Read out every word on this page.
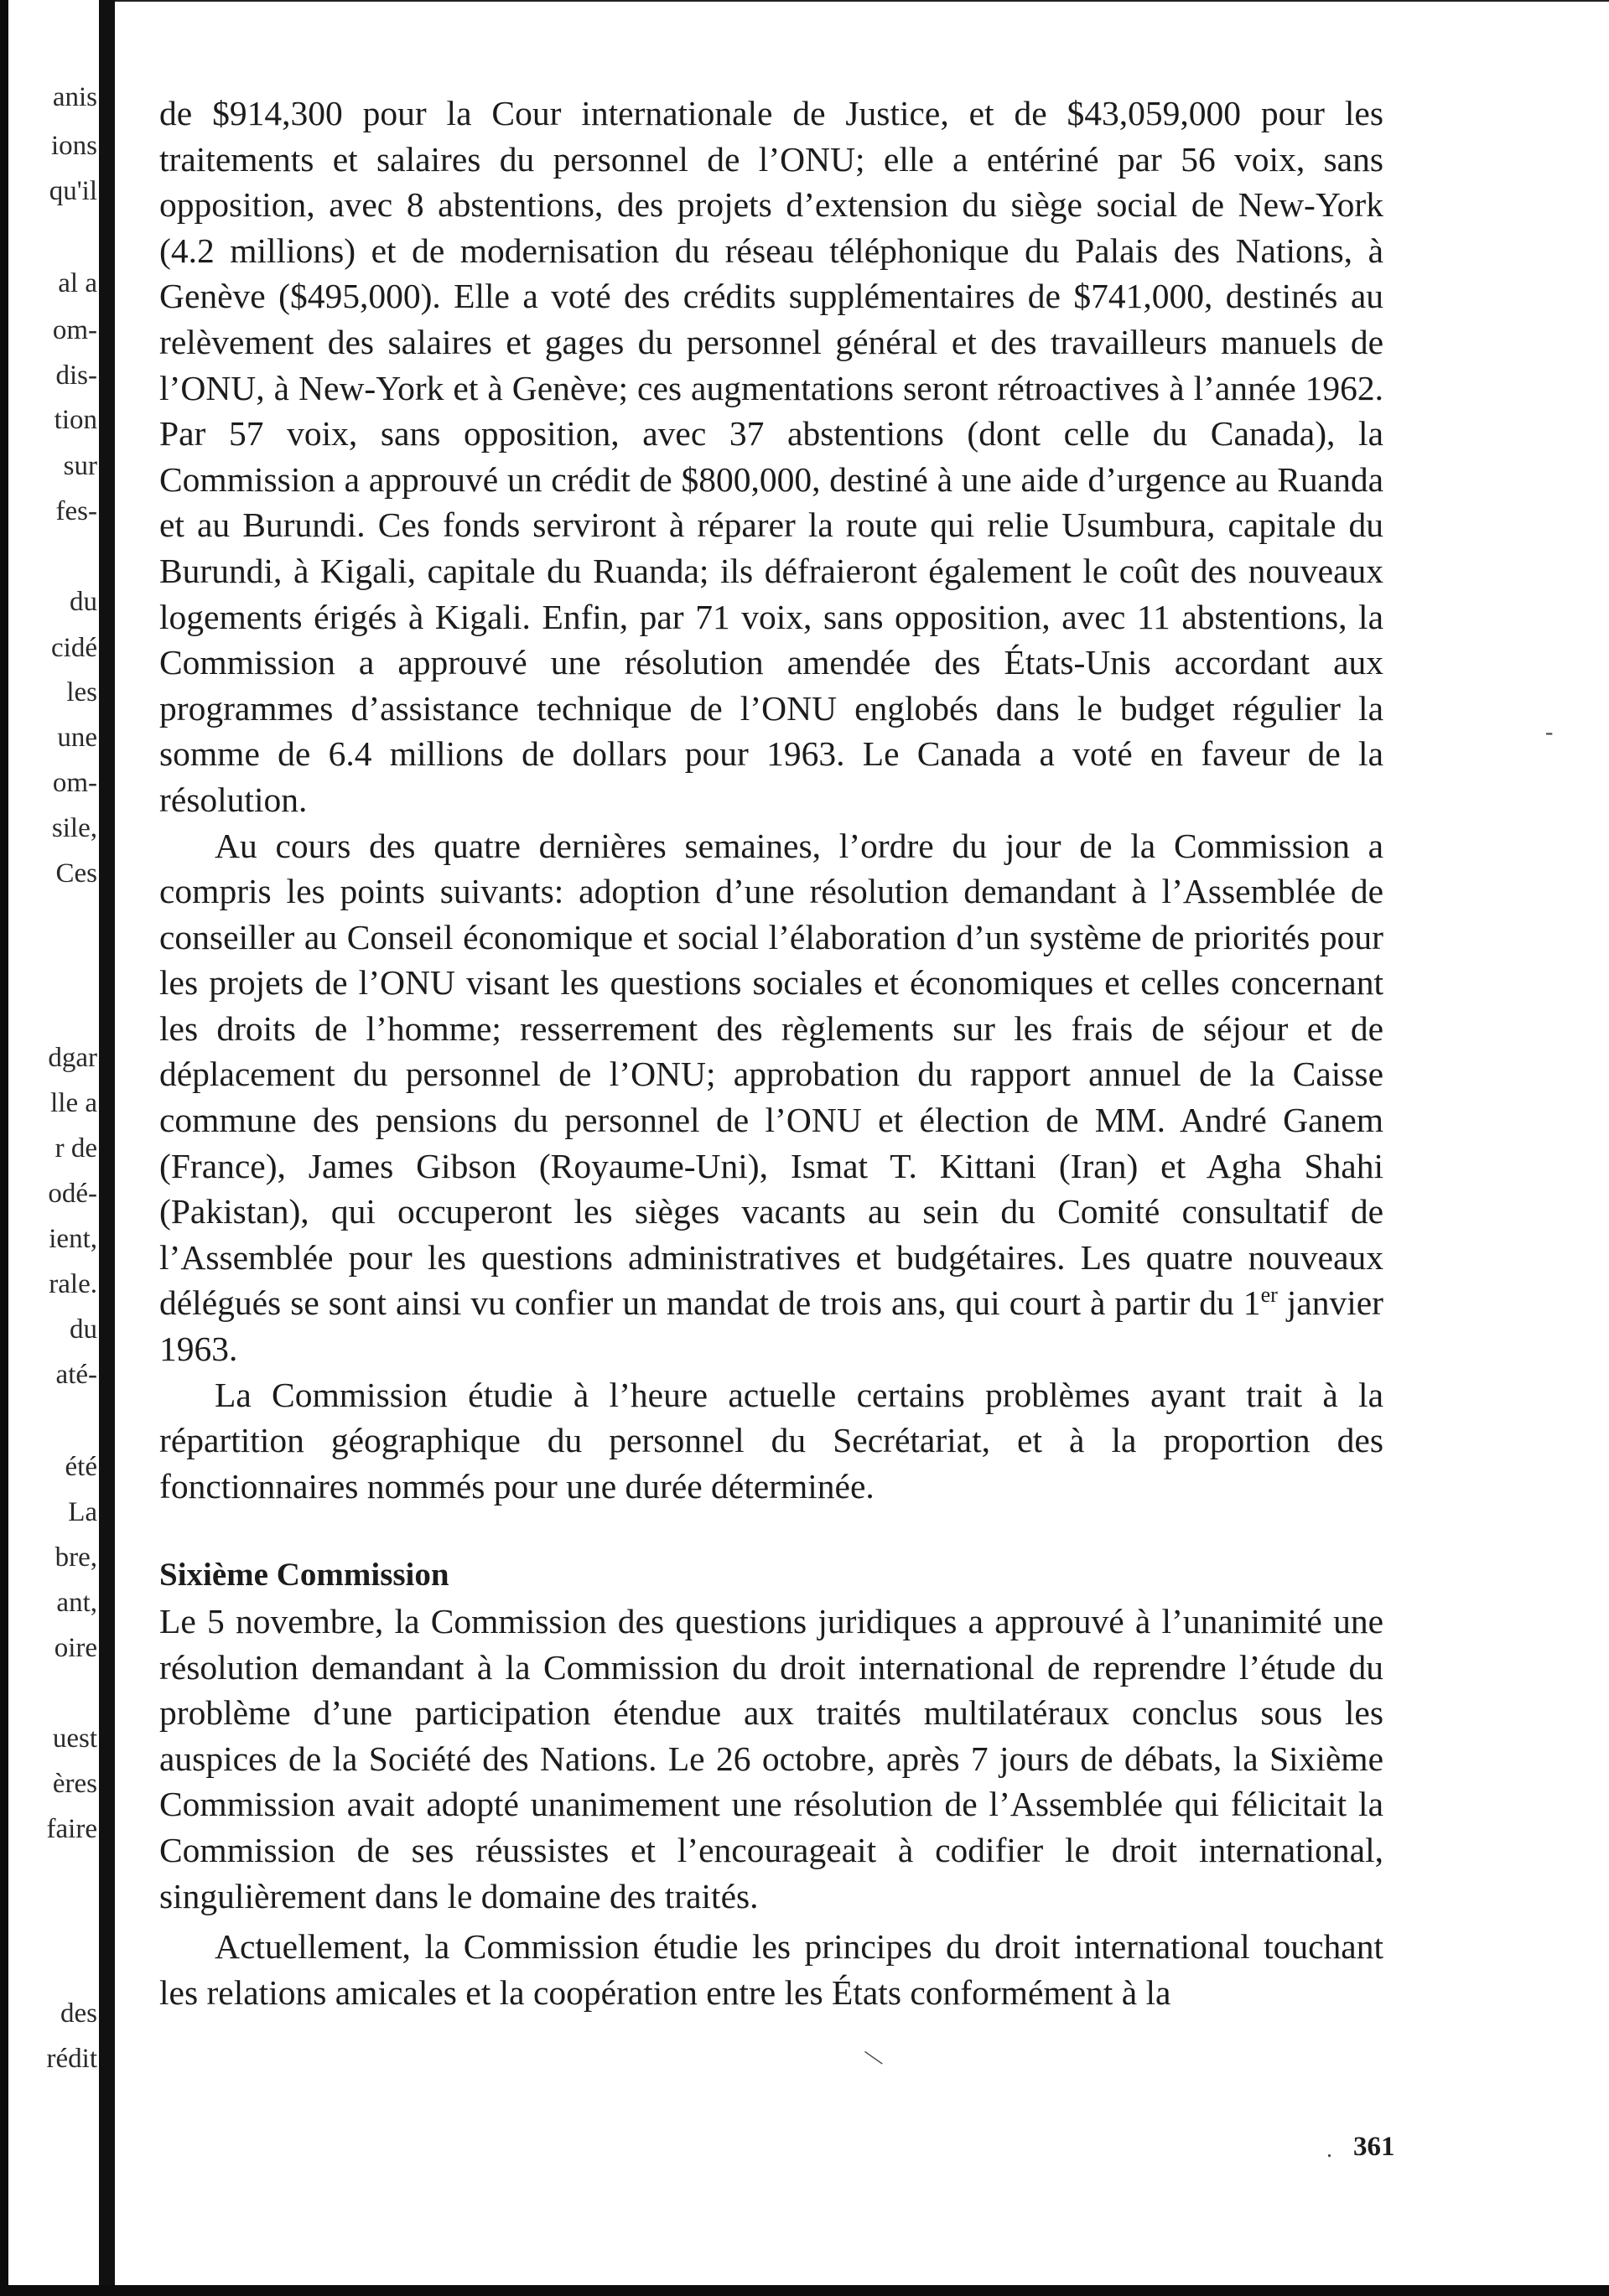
anis
ions
qu'il
al a
om-
dis-
tion
sur
fes-
du
cidé
les
une
om-
sile,
Ces
dgar
lle a
r de
odé-
ient,
rale.
du
até-
été
La
bre,
ant,
oire
uest
ères
faire
des
rédit

de $914,300 pour la Cour internationale de Justice, et de $43,059,000 pour les traitements et salaires du personnel de l’ONU; elle a entériné par 56 voix, sans opposition, avec 8 abstentions, des projets d’extension du siège social de New-York (4.2 millions) et de modernisation du réseau téléphonique du Palais des Nations, à Genève ($495,000). Elle a voté des crédits supplémentaires de $741,000, destinés au relèvement des salaires et gages du personnel général et des travailleurs manuels de l’ONU, à New-York et à Genève; ces augmentations seront rétroactives à l’année 1962. Par 57 voix, sans opposition, avec 37 abstentions (dont celle du Canada), la Commission a approuvé un crédit de $800,000, destiné à une aide d’urgence au Ruanda et au Burundi. Ces fonds serviront à réparer la route qui relie Usumbura, capitale du Burundi, à Kigali, capitale du Ruanda; ils défraieront également le coût des nouveaux logements érigés à Kigali. Enfin, par 71 voix, sans opposition, avec 11 abstentions, la Commission a approuvé une résolution amendée des États-Unis accordant aux programmes d’assistance technique de l’ONU englobés dans le budget régulier la somme de 6.4 millions de dollars pour 1963. Le Canada a voté en faveur de la résolution.

Au cours des quatre dernières semaines, l’ordre du jour de la Commission a compris les points suivants: adoption d’une résolution demandant à l’Assemblée de conseiller au Conseil économique et social l’élaboration d’un système de priorités pour les projets de l’ONU visant les questions sociales et économiques et celles concernant les droits de l’homme; resserrement des règlements sur les frais de séjour et de déplacement du personnel de l’ONU; approbation du rapport annuel de la Caisse commune des pensions du personnel de l’ONU et élection de MM. André Ganem (France), James Gibson (Royaume-Uni), Ismat T. Kittani (Iran) et Agha Shahi (Pakistan), qui occuperont les sièges vacants au sein du Comité consultatif de l’Assemblée pour les questions administratives et budgétaires. Les quatre nouveaux délégués se sont ainsi vu confier un mandat de trois ans, qui court à partir du 1er janvier 1963.

La Commission étudie à l’heure actuelle certains problèmes ayant trait à la répartition géographique du personnel du Secrétariat, et à la proportion des fonctionnaires nommés pour une durée déterminée.

Sixième Commission

Le 5 novembre, la Commission des questions juridiques a approuvé à l’unanimité une résolution demandant à la Commission du droit international de reprendre l’étude du problème d’une participation étendue aux traités multilatéraux conclus sous les auspices de la Société des Nations. Le 26 octobre, après 7 jours de débats, la Sixième Commission avait adopté unanimement une résolution de l’Assemblée qui félicitait la Commission de ses réussistes et l’encourageait à codifier le droit international, singulièrement dans le domaine des traités.

Actuellement, la Commission étudie les principes du droit international touchant les relations amicales et la coopération entre les États conformément à la

-
|
. 361
